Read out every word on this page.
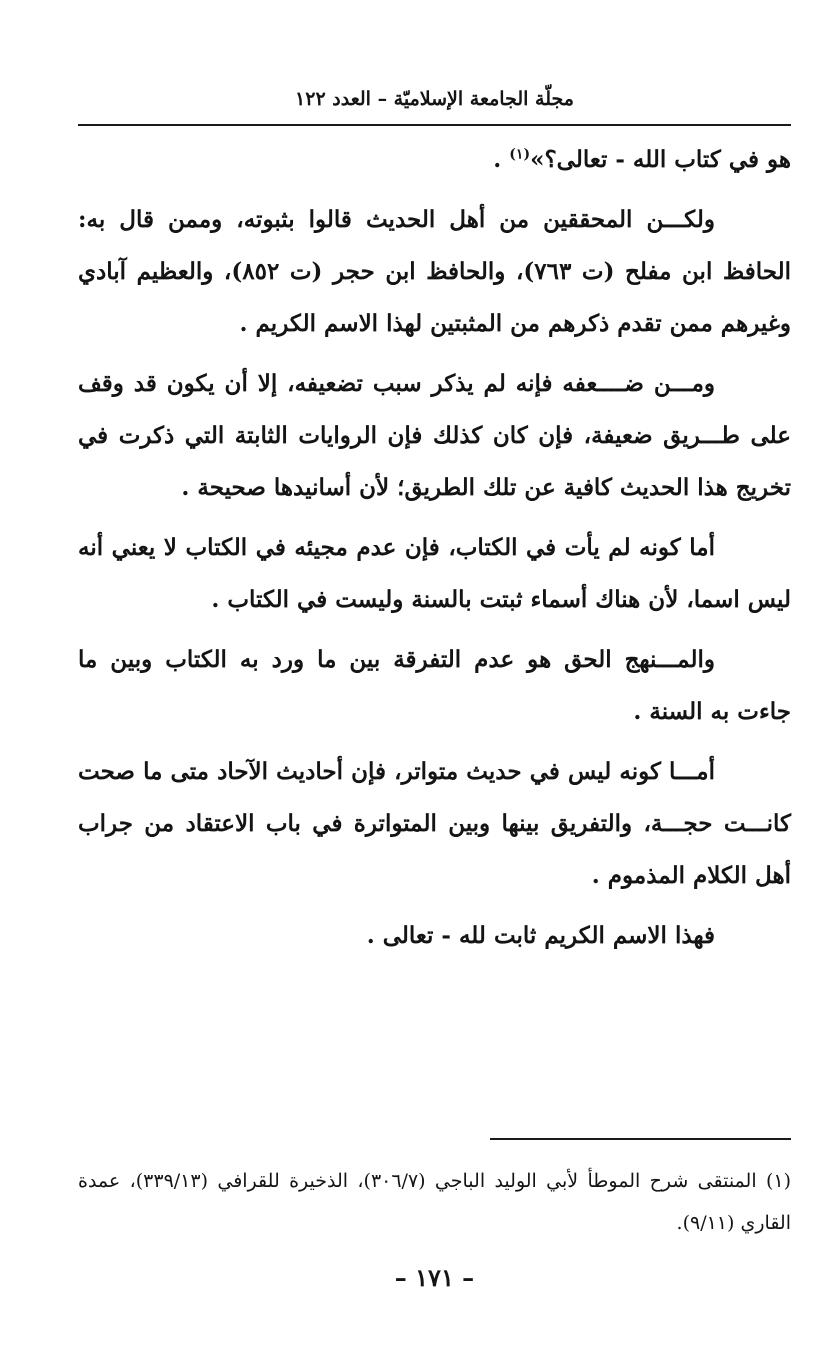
مجلّة الجامعة الإسلاميّة – العدد ١٢٢

هو في كتاب الله - تعالى؟»$^{(١)}$ .

ولكـــن المحققين من أهل الحديث قالوا بثبوته، وممن قال به: الحافظ ابن مفلح (ت ٧٦٣)، والحافظ ابن حجر (ت ٨٥٢)، والعظيم آبادي وغيرهم ممن تقدم ذكرهم من المثبتين لهذا الاسم الكريم .

ومـــن ضــــعفه فإنه لم يذكر سبب تضعيفه، إلا أن يكون قد وقف على طـــريق ضعيفة، فإن كان كذلك فإن الروايات الثابتة التي ذكرت في تخريج هذا الحديث كافية عن تلك الطريق؛ لأن أسانيدها صحيحة .

أما كونه لم يأت في الكتاب، فإن عدم مجيئه في الكتاب لا يعني أنه ليس اسما، لأن هناك أسماء ثبتت بالسنة وليست في الكتاب .

والمـــنهج الحق هو عدم التفرقة بين ما ورد به الكتاب وبين ما جاءت به السنة .

أمـــا كونه ليس في حديث متواتر، فإن أحاديث الآحاد متى ما صحت كانـــت حجـــة، والتفريق بينها وبين المتواترة في باب الاعتقاد من جراب أهل الكلام المذموم .

فهذا الاسم الكريم ثابت لله - تعالى .

(١) المنتقى شرح الموطأ لأبي الوليد الباجي (٣٠٦/٧)، الذخيرة للقرافي (٣٣٩/١٣)، عمدة القاري (٩/١١).
– ١٧١ –
